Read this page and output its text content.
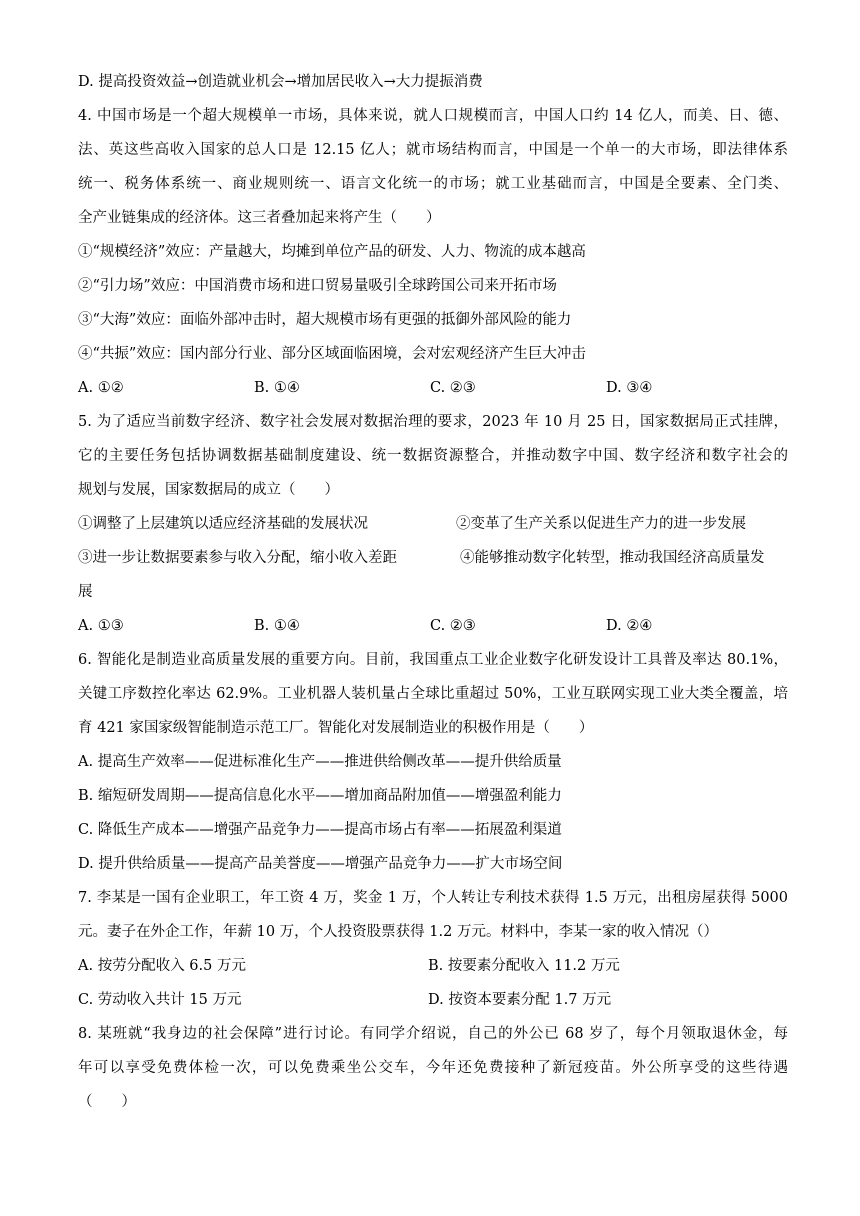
D. 提高投资效益→创造就业机会→增加居民收入→大力提振消费
4. 中国市场是一个超大规模单一市场，具体来说，就人口规模而言，中国人口约 14 亿人，而美、日、德、
法、英这些高收入国家的总人口是 12.15 亿人；就市场结构而言，中国是一个单一的大市场，即法律体系
统一、税务体系统一、商业规则统一、语言文化统一的市场；就工业基础而言，中国是全要素、全门类、
全产业链集成的经济体。这三者叠加起来将产生（　　）
①“规模经济”效应：产量越大，均摊到单位产品的研发、人力、物流的成本越高
②“引力场”效应：中国消费市场和进口贸易量吸引全球跨国公司来开拓市场
③“大海”效应：面临外部冲击时，超大规模市场有更强的抵御外部风险的能力
④“共振”效应：国内部分行业、部分区域面临困境，会对宏观经济产生巨大冲击
A. ①②	B. ①④	C. ②③	D. ③④
5. 为了适应当前数字经济、数字社会发展对数据治理的要求，2023 年 10 月 25 日，国家数据局正式挂牌，
它的主要任务包括协调数据基础制度建设、统一数据资源整合，并推动数字中国、数字经济和数字社会的
规划与发展，国家数据局的成立（　　）
①调整了上层建筑以适应经济基础的发展状况	②变革了生产关系以促进生产力的进一步发展
③进一步让数据要素参与收入分配，缩小收入差距	④能够推动数字化转型，推动我国经济高质量发
展
A. ①③	B. ①④	C. ②③	D. ②④
6. 智能化是制造业高质量发展的重要方向。目前，我国重点工业企业数字化研发设计工具普及率达 80.1%，
关键工序数控化率达 62.9%。工业机器人装机量占全球比重超过 50%，工业互联网实现工业大类全覆盖，培
育 421 家国家级智能制造示范工厂。智能化对发展制造业的积极作用是（　　）
A. 提高生产效率——促进标准化生产——推进供给侧改革——提升供给质量
B. 缩短研发周期——提高信息化水平——增加商品附加值——增强盈利能力
C. 降低生产成本——增强产品竞争力——提高市场占有率——拓展盈利渠道
D. 提升供给质量——提高产品美誉度——增强产品竞争力——扩大市场空间
7. 李某是一国有企业职工，年工资 4 万，奖金 1 万，个人转让专利技术获得 1.5 万元，出租房屋获得 5000
元。妻子在外企工作，年薪 10 万，个人投资股票获得 1.2 万元。材料中，李某一家的收入情况（）
A. 按劳分配收入 6.5 万元	B. 按要素分配收入 11.2 万元
C. 劳动收入共计 15 万元	D. 按资本要素分配 1.7 万元
8. 某班就“我身边的社会保障”进行讨论。有同学介绍说，自己的外公已 68 岁了，每个月领取退休金，每
年可以享受免费体检一次，可以免费乘坐公交车，今年还免费接种了新冠疫苗。外公所享受的这些待遇
（　　）
